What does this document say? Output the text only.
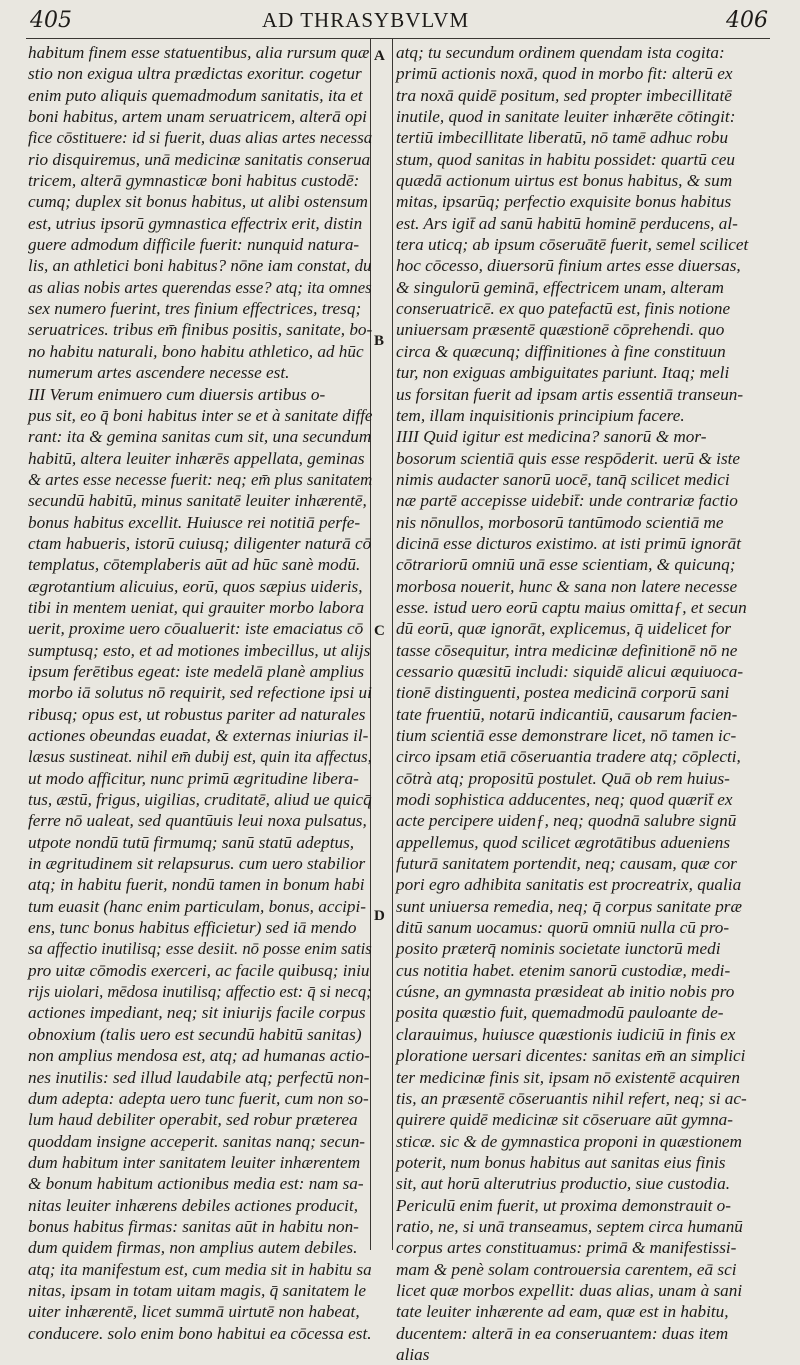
405	AD THRASYBVLVM	406
A
B
C
D
habitum finem esse statuentibus, alia rursum quæ
stio non exigua ultra prædictas exoritur. cogetur
enim puto aliquis quemadmodum sanitatis, ita et
boni habitus, artem unam seruatricem, alterā opi
fice cōstituere: id si fuerit, duas alias artes necessa
rio disquiremus, unā medicinæ sanitatis conserua
tricem, alterā gymnasticæ boni habitus custodē:
cumq; duplex sit bonus habitus, ut alibi ostensum
est, utrius ipsorū gymnastica effectrix erit, distin
guere admodum difficile fuerit: nunquid natura-
lis, an athletici boni habitus? nōne iam constat, du
as alias nobis artes querendas esse? atq; ita omnes
sex numero fuerint, tres finium effectrices, tresq;
seruatrices. tribus em̄ finibus positis, sanitate, bo-
no habitu naturali, bono habitu athletico, ad hūc
numerum artes ascendere necesse est.
III Verum enimuero cum diuersis artibus o-
pus sit, eo q̄ boni habitus inter se et à sanitate diffe
rant: ita & gemina sanitas cum sit, una secundum
habitū, altera leuiter inhærēs appellata, geminas
& artes esse necesse fuerit: neq; em̄ plus sanitatem
secundū habitū, minus sanitatē leuiter inhærentē,
bonus habitus excellit. Huiusce rei notitiā perfe-
ctam habueris, istorū cuiusq; diligenter naturā cō
templatus, cōtemplaberis aūt ad hūc sanè modū.
ægrotantium alicuius, eorū, quos sæpius uideris,
tibi in mentem ueniat, qui grauiter morbo labora
uerit, proxime uero cōualuerit: iste emaciatus cō
sumptusq; esto, et ad motiones imbecillus, ut alijs
ipsum ferētibus egeat: iste medelā planè amplius
morbo iā solutus nō requirit, sed refectione ipsi ui
ribusq; opus est, ut robustus pariter ad naturales
actiones obeundas euadat, & externas iniurias il-
læsus sustineat. nihil em̄ dubij est, quin ita affectus,
ut modo afficitur, nunc primū ægritudine libera-
tus, æstū, frigus, uigilias, cruditatē, aliud ue quicq̄
ferre nō ualeat, sed quantūuis leui noxa pulsatus,
utpote nondū tutū firmumq; sanū statū adeptus,
in ægritudinem sit relapsurus. cum uero stabilior
atq; in habitu fuerit, nondū tamen in bonum habi
tum euasit (hanc enim particulam, bonus, accipi-
ens, tunc bonus habitus efficietur) sed iā mendo
sa affectio inutilisq; esse desiit. nō posse enim satis
pro uitæ cōmodis exerceri, ac facile quibusq; iniu
rijs uiolari, mēdosa inutilisq; affectio est: q̄ si necq;
actiones impediant, neq; sit iniurijs facile corpus
obnoxium (talis uero est secundū habitū sanitas)
non amplius mendosa est, atq; ad humanas actio-
nes inutilis: sed illud laudabile atq; perfectū non-
dum adepta: adepta uero tunc fuerit, cum non so-
lum haud debiliter operabit, sed robur præterea
quoddam insigne acceperit. sanitas nanq; secun-
dum habitum inter sanitatem leuiter inhærentem
& bonum habitum actionibus media est: nam sa-
nitas leuiter inhærens debiles actiones producit,
bonus habitus firmas: sanitas aūt in habitu non-
dum quidem firmas, non amplius autem debiles.
atq; ita manifestum est, cum media sit in habitu sa
nitas, ipsam in totam uitam magis, q̄ sanitatem le
uiter inhærentē, licet summā uirtutē non habeat,
conducere. solo enim bono habitui ea cōcessa est.
atq; tu secundum ordinem quendam ista cogita:
primū actionis noxā, quod in morbo fit: alterū ex
tra noxā quidē positum, sed propter imbecillitatē
inutile, quod in sanitate leuiter inhærēte cōtingit:
tertiū imbecillitate liberatū, nō tamē adhuc robu
stum, quod sanitas in habitu possidet: quartū ceu
quædā actionum uirtus est bonus habitus, & sum
mitas, ipsarūq; perfectio exquisite bonus habitus
est. Ars igit̄ ad sanū habitū hominē perducens, al-
tera uticq; ab ipsum cōseruātē fuerit, semel scilicet
hoc cōcesso, diuersorū finium artes esse diuersas,
& singulorū geminā, effectricem unam, alteram
conseruatricē. ex quo patefactū est, finis notione
uniuersam præsentē quæstionē cōprehendi. quo
circa & quæcunq; diffinitiones à fine constituun
tur, non exiguas ambiguitates pariunt. Itaq; meli
us forsitan fuerit ad ipsam artis essentiā transeun-
tem, illam inquisitionis principium facere.
IIII Quid igitur est medicina? sanorū & mor-
bosorum scientiā quis esse respōderit. uerū & iste
nimis audacter sanorū uocē, tanq̄ scilicet medici
næ partē accepisse uidebit̄: unde contrariæ factio
nis nōnullos, morbosorū tantūmodo scientiā me
dicinā esse dicturos existimo. at isti primū ignorāt
cōtrariorū omniū unā esse scientiam, & quicunq;
morbosa nouerit, hunc & sana non latere necesse
esse. istud uero eorū captu maius omittaƒ, et secun
dū eorū, quæ ignorāt, explicemus, q̄ uidelicet for
tasse cōsequitur, intra medicinæ definitionē nō ne
cessario quæsitū includi: siquidē alicui æquiuoca-
tionē distinguenti, postea medicinā corporū sani
tate fruentiū, notarū indicantiū, causarum facien-
tium scientiā esse demonstrare licet, nō tamen ic-
circo ipsam etiā cōseruantia tradere atq; cōplecti,
cōtrà atq; propositū postulet. Quā ob rem huius-
modi sophistica adducentes, neq; quod quærit̄ ex
acte percipere uidenƒ, neq; quodnā salubre signū
appellemus, quod scilicet ægrotātibus adueniens
futurā sanitatem portendit, neq; causam, quæ cor
pori egro adhibita sanitatis est procreatrix, qualia
sunt uniuersa remedia, neq; q̄ corpus sanitate præ
ditū sanum uocamus: quorū omniū nulla cū pro-
posito præterq̄ nominis societate iunctorū medi
cus notitia habet. etenim sanorū custodiæ, medi-
cúsne, an gymnasta præsideat ab initio nobis pro
posita quæstio fuit, quemadmodū pauloante de-
clarauimus, huiusce quæstionis iudiciū in finis ex
ploratione uersari dicentes: sanitas em̄ an simplici
ter medicinæ finis sit, ipsam nō existentē acquiren
tis, an præsentē cōseruantis nihil refert, neq; si ac-
quirere quidē medicinæ sit cōseruare aūt gymna-
sticæ. sic & de gymnastica proponi in quæstionem
poterit, num bonus habitus aut sanitas eius finis
sit, aut horū alterutrius productio, siue custodia.
Periculū enim fuerit, ut proxima demonstrauit o-
ratio, ne, si unā transeamus, septem circa humanū
corpus artes constituamus: primā & manifestissi-
mam & penè solam controuersia carentem, eā sci
licet quæ morbos expellit: duas alias, unam à sani
tate leuiter inhærente ad eam, quæ est in habitu,
ducentem: alterā in ea conseruantem: duas item
alias
